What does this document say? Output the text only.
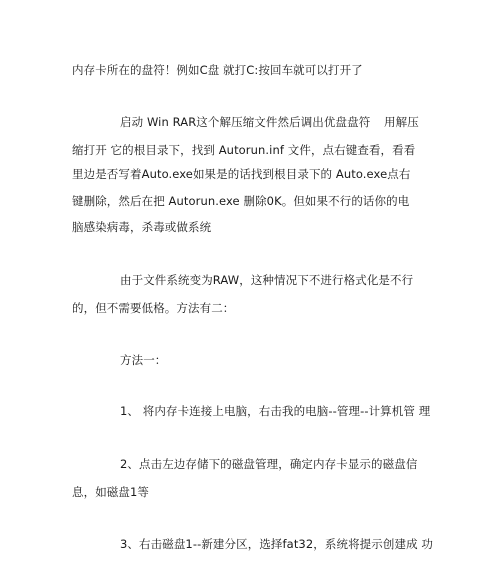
内存卡所在的盘符！例如C盘 就打C:按回车就可以打开了
启动 Win RAR这个解压缩文件然后调出优盘盘符 用解压
缩打开 它的根目录下，找到 Autorun.inf 文件，点右键查看，看看
里边是否写着Auto.exe如果是的话找到根目录下的 Auto.exe点右
键删除，然后在把 Autorun.exe 删除0K。但如果不行的话你的电
脑感染病毒，杀毒或做系统
由于文件系统变为RAW，这种情况下不进行格式化是不行
的，但不需要低格。方法有二：
方法一：
1、 将内存卡连接上电脑，右击我的电脑--管理--计算机管 理
2、点击左边存储下的磁盘管理，确定内存卡显示的磁盘信
息，如磁盘1等
3、右击磁盘1--新建分区，选择fat32，系统将提示创建成 功
